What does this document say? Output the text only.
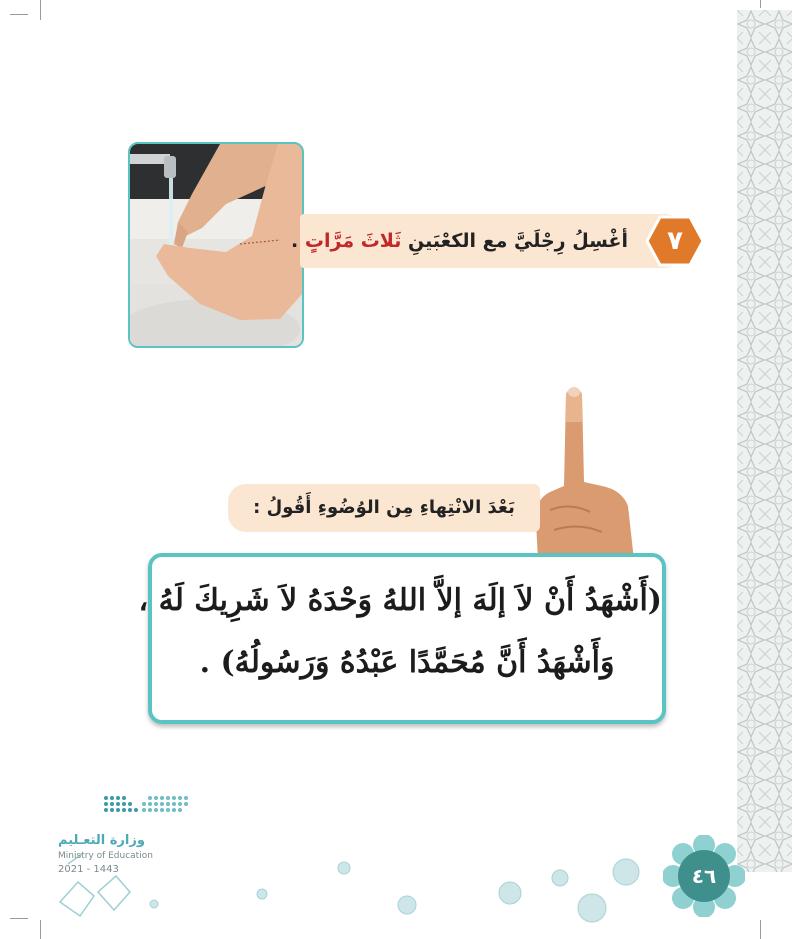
أغْسِلُ رِجْلَيَّ مع الكعْبَينِ ثَلاثَ مَرَّاتٍ .	٧
بَعْدَ الانْتِهاءِ مِن الوُضُوءِ أَقُولُ :
(أَشْهَدُ أَنْ لاَ إلَهَ إلاَّ اللهُ وَحْدَهُ لاَ شَرِيكَ لَهُ ،
وَأَشْهَدُ أَنَّ مُحَمَّدًا عَبْدُهُ وَرَسُولُهُ) .
وزارة التعـليم
Ministry of Education
2021 - 1443	٤٦
